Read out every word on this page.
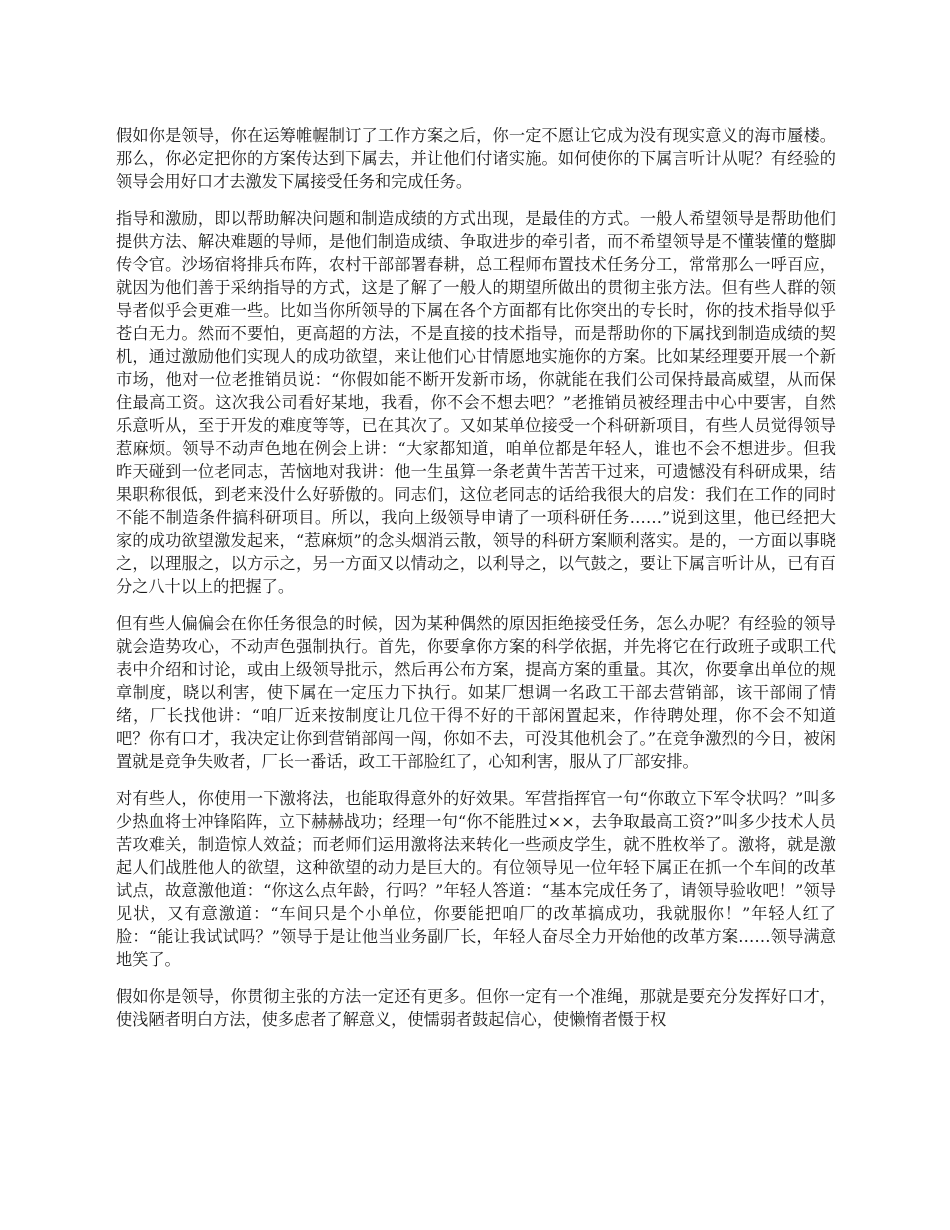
假如你是领导，你在运筹帷幄制订了工作方案之后，你一定不愿让它成为没有现实意义的海市蜃楼。那么，你必定把你的方案传达到下属去，并让他们付诸实施。如何使你的下属言听计从呢？有经验的领导会用好口才去激发下属接受任务和完成任务。

指导和激励，即以帮助解决问题和制造成绩的方式出现，是最佳的方式。一般人希望领导是帮助他们提供方法、解决难题的导师，是他们制造成绩、争取进步的牵引者，而不希望领导是不懂装懂的蹩脚传令官。沙场宿将排兵布阵，农村干部部署春耕，总工程师布置技术任务分工，常常那么一呼百应，就因为他们善于采纳指导的方式，这是了解了一般人的期望所做出的贯彻主张方法。但有些人群的领导者似乎会更难一些。比如当你所领导的下属在各个方面都有比你突出的专长时，你的技术指导似乎苍白无力。然而不要怕，更高超的方法，不是直接的技术指导，而是帮助你的下属找到制造成绩的契机，通过激励他们实现人的成功欲望，来让他们心甘情愿地实施你的方案。比如某经理要开展一个新市场，他对一位老推销员说：“你假如能不断开发新市场，你就能在我们公司保持最高威望，从而保住最高工资。这次我公司看好某地，我看，你不会不想去吧？”老推销员被经理击中心中要害，自然乐意听从，至于开发的难度等等，已在其次了。又如某单位接受一个科研新项目，有些人员觉得领导惹麻烦。领导不动声色地在例会上讲：“大家都知道，咱单位都是年轻人，谁也不会不想进步。但我昨天碰到一位老同志，苦恼地对我讲：他一生虽算一条老黄牛苦苦干过来，可遗憾没有科研成果，结果职称很低，到老来没什么好骄傲的。同志们，这位老同志的话给我很大的启发：我们在工作的同时不能不制造条件搞科研项目。所以，我向上级领导申请了一项科研任务……”说到这里，他已经把大家的成功欲望激发起来，“惹麻烦”的念头烟消云散，领导的科研方案顺利落实。是的，一方面以事晓之，以理服之，以方示之，另一方面又以情动之，以利导之，以气鼓之，要让下属言听计从，已有百分之八十以上的把握了。

但有些人偏偏会在你任务很急的时候，因为某种偶然的原因拒绝接受任务，怎么办呢？有经验的领导就会造势攻心，不动声色强制执行。首先，你要拿你方案的科学依据，并先将它在行政班子或职工代表中介绍和讨论，或由上级领导批示，然后再公布方案，提高方案的重量。其次，你要拿出单位的规章制度，晓以利害，使下属在一定压力下执行。如某厂想调一名政工干部去营销部，该干部闹了情绪，厂长找他讲：“咱厂近来按制度让几位干得不好的干部闲置起来，作待聘处理，你不会不知道吧？你有口才，我决定让你到营销部闯一闯，你如不去，可没其他机会了。”在竞争激烈的今日，被闲置就是竞争失败者，厂长一番话，政工干部脸红了，心知利害，服从了厂部安排。

对有些人，你使用一下激将法，也能取得意外的好效果。军营指挥官一句“你敢立下军令状吗？”叫多少热血将士冲锋陷阵，立下赫赫战功；经理一句“你不能胜过××，去争取最高工资?”叫多少技术人员苦攻难关，制造惊人效益；而老师们运用激将法来转化一些顽皮学生，就不胜枚举了。激将，就是激起人们战胜他人的欲望，这种欲望的动力是巨大的。有位领导见一位年轻下属正在抓一个车间的改革试点，故意激他道：“你这么点年龄，行吗？”年轻人答道：“基本完成任务了，请领导验收吧！”领导见状，又有意激道：“车间只是个小单位，你要能把咱厂的改革搞成功，我就服你！”年轻人红了脸：“能让我试试吗？”领导于是让他当业务副厂长，年轻人奋尽全力开始他的改革方案……领导满意地笑了。

假如你是领导，你贯彻主张的方法一定还有更多。但你一定有一个准绳，那就是要充分发挥好口才，使浅陋者明白方法，使多虑者了解意义，使懦弱者鼓起信心，使懒惰者慑于权
